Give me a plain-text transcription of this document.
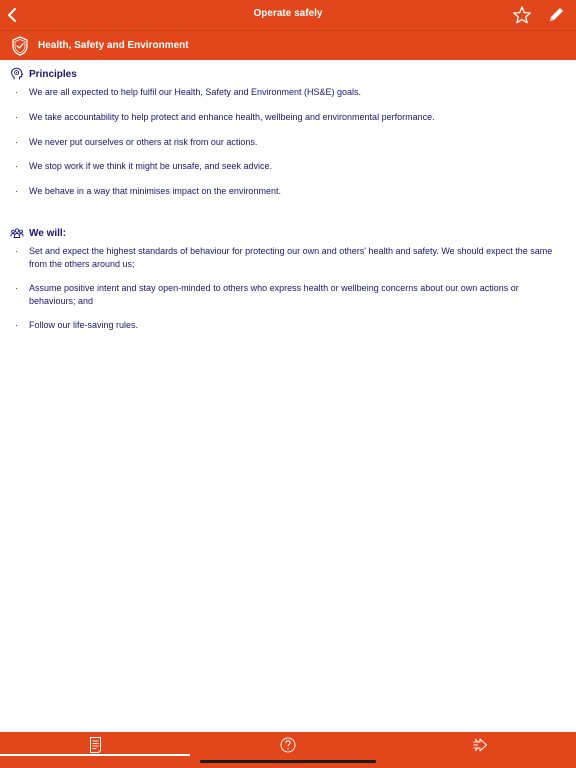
Operate safely
Health, Safety and Environment
Principles
·	We are all expected to help fulfil our Health, Safety and Environment (HS&E) goals.
·	We take accountability to help protect and enhance health, wellbeing and environmental performance.
·	We never put ourselves or others at risk from our actions.
·	We stop work if we think it might be unsafe, and seek advice.
·	We behave in a way that minimises impact on the environment.
We will:
·	Set and expect the highest standards of behaviour for protecting our own and others' health and safety. We should expect the same from the others around us;
·	Assume positive intent and stay open-minded to others who express health or wellbeing concerns about our own actions or behaviours; and
·	Follow our life-saving rules.
